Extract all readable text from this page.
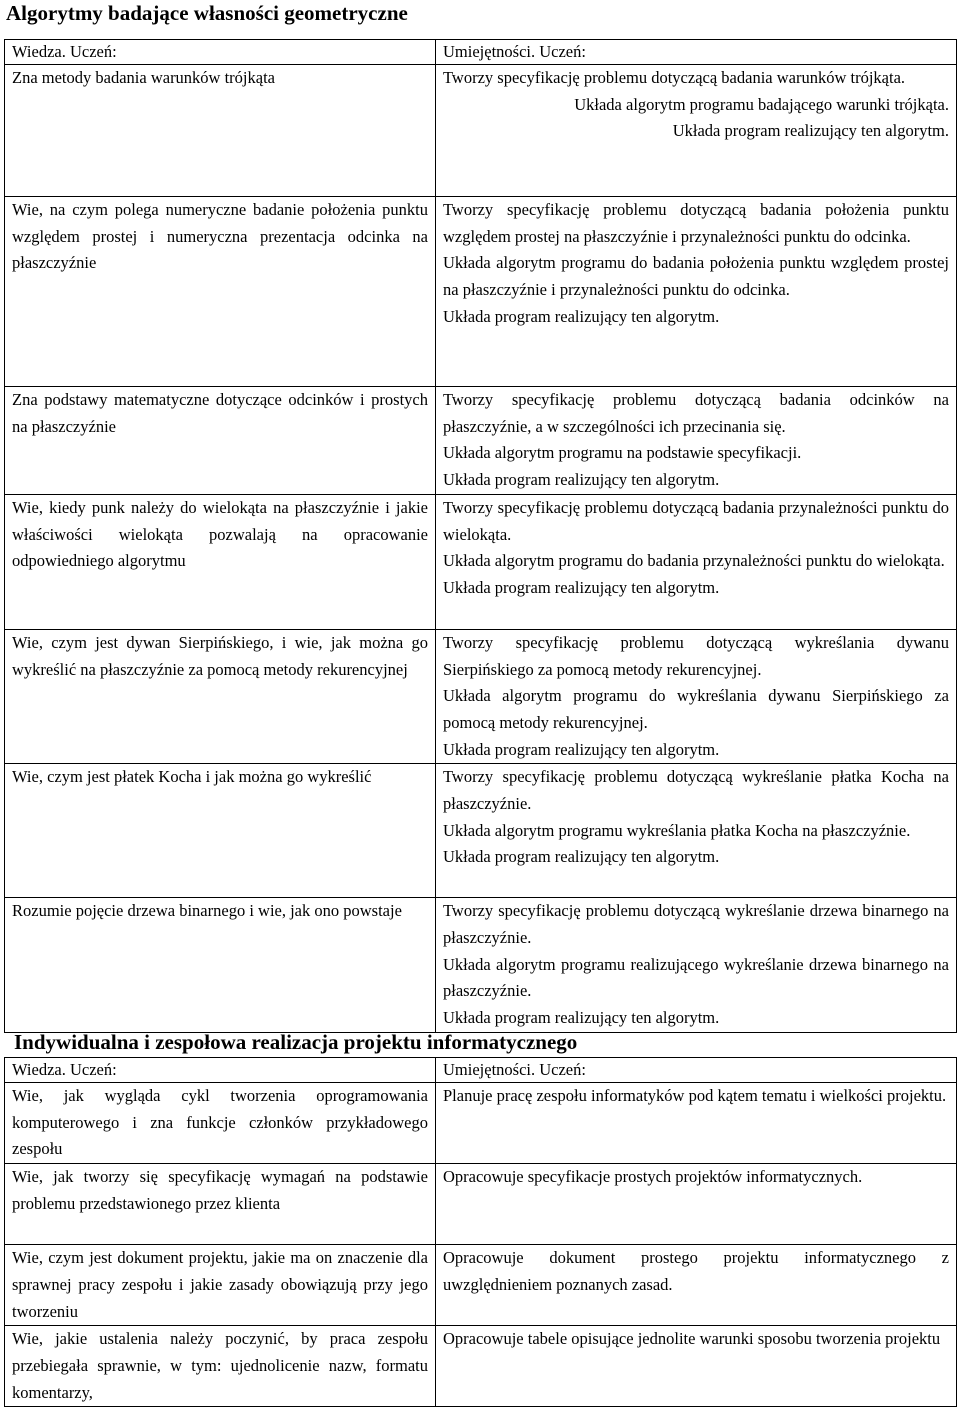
Algorytmy badające własności geometryczne
Wiedza. Uczeń:	Umiejętności. Uczeń:
Zna metody badania warunków trójkąta	Tworzy specyfikację problemu dotyczącą badania warunków trójkąta.
Układa algorytm programu badającego warunki trójkąta.
Układa program realizujący ten algorytm.

Wie, na czym polega numeryczne badanie położenia punktu względem prostej i numeryczna prezentacja odcinka na płaszczyźnie	Tworzy specyfikację problemu dotyczącą badania położenia punktu względem prostej na płaszczyźnie i przynależności punktu do odcinka.
Układa algorytm programu do badania położenia punktu względem prostej na płaszczyźnie i przynależności punktu do odcinka.
Układa program realizujący ten algorytm.

Zna podstawy matematyczne dotyczące odcinków i prostych na płaszczyźnie	Tworzy specyfikację problemu dotyczącą badania odcinków na płaszczyźnie, a w szczególności ich przecinania się.
Układa algorytm programu na podstawie specyfikacji.
Układa program realizujący ten algorytm.

Wie, kiedy punk należy do wielokąta na płaszczyźnie i jakie właściwości wielokąta pozwalają na opracowanie odpowiedniego algorytmu	Tworzy specyfikację problemu dotyczącą badania przynależności punktu do wielokąta.
Układa algorytm programu do badania przynależności punktu do wielokąta.
Układa program realizujący ten algorytm.

Wie, czym jest dywan Sierpińskiego, i wie, jak można go wykreślić na płaszczyźnie za pomocą metody rekurencyjnej	Tworzy specyfikację problemu dotyczącą wykreślania dywanu Sierpińskiego za pomocą metody rekurencyjnej.
Układa algorytm programu do wykreślania dywanu Sierpińskiego za pomocą metody rekurencyjnej.
Układa program realizujący ten algorytm.

Wie, czym jest płatek Kocha i jak można go wykreślić	Tworzy specyfikację problemu dotyczącą wykreślanie płatka Kocha na płaszczyźnie.
Układa algorytm programu wykreślania płatka Kocha na płaszczyźnie.
Układa program realizujący ten algorytm.

Rozumie pojęcie drzewa binarnego i wie, jak ono powstaje	Tworzy specyfikację problemu dotyczącą wykreślanie drzewa binarnego na płaszczyźnie.
Układa algorytm programu realizującego wykreślanie drzewa binarnego na płaszczyźnie.
Układa program realizujący ten algorytm.
Indywidualna i zespołowa realizacja projektu informatycznego
Wiedza. Uczeń:	Umiejętności. Uczeń:
Wie, jak wygląda cykl tworzenia oprogramowania komputerowego i zna funkcje członków przykładowego zespołu	Planuje pracę zespołu informatyków pod kątem tematu i wielkości projektu.
Wie, jak tworzy się specyfikację wymagań na podstawie problemu przedstawionego przez klienta	Opracowuje specyfikacje prostych projektów informatycznych.
Wie, czym jest dokument projektu, jakie ma on znaczenie dla sprawnej pracy zespołu i jakie zasady obowiązują przy jego tworzeniu	Opracowuje dokument prostego projektu informatycznego z uwzględnieniem poznanych zasad.
Wie, jakie ustalenia należy poczynić, by praca zespołu przebiegała sprawnie, w tym: ujednolicenie nazw, formatu komentarzy,	Opracowuje tabele opisujące jednolite warunki sposobu tworzenia projektu
